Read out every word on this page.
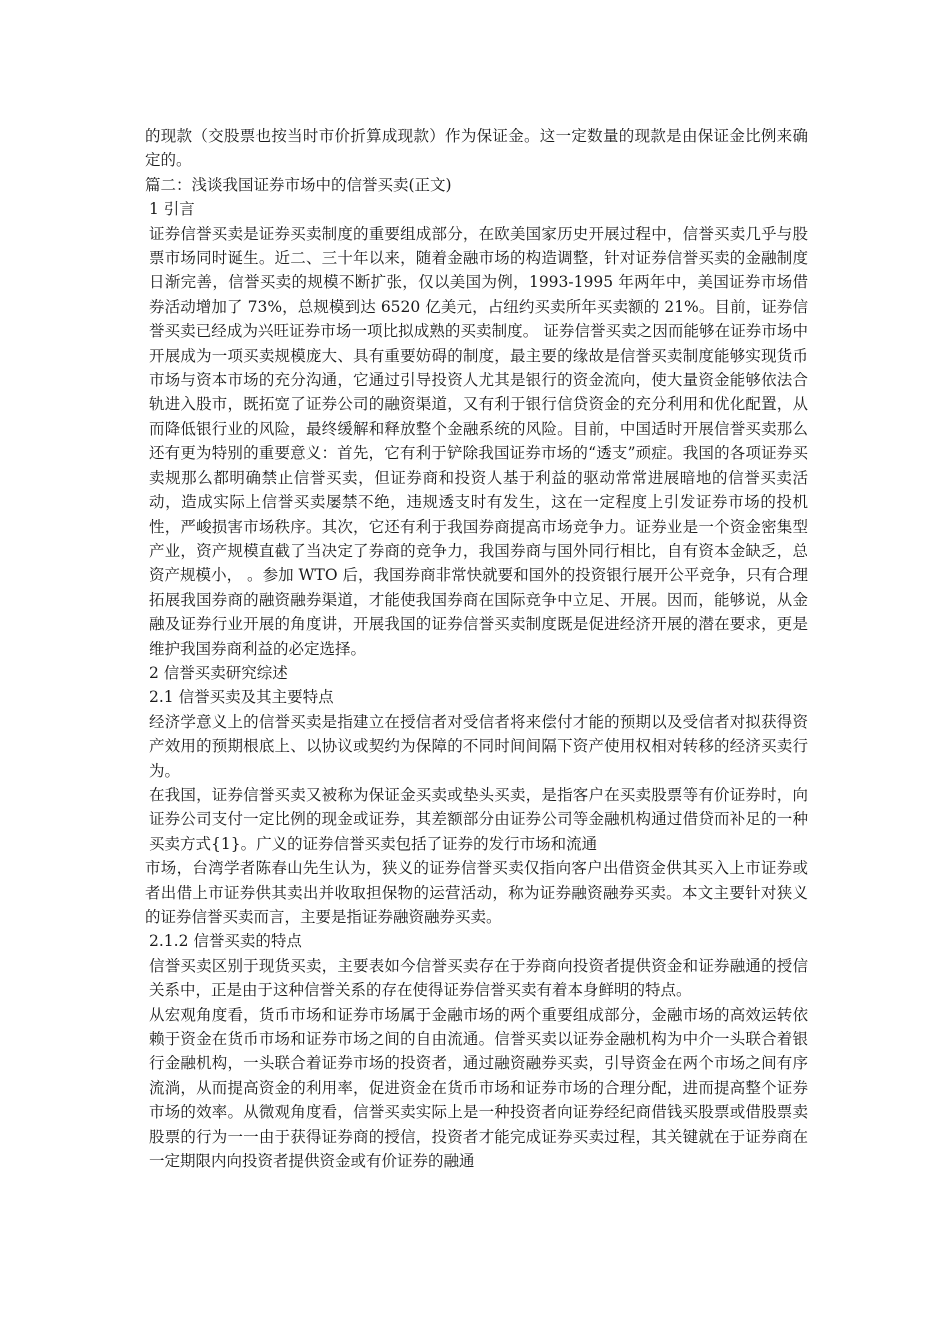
的现款（交股票也按当时市价折算成现款）作为保证金。这一定数量的现款是由保证金比例来确定的。

篇二：浅谈我国证券市场中的信誉买卖(正文)

1 引言

证券信誉买卖是证券买卖制度的重要组成部分，在欧美国家历史开展过程中，信誉买卖几乎与股票市场同时诞生。近二、三十年以来，随着金融市场的构造调整，针对证券信誉买卖的金融制度日渐完善，信誉买卖的规模不断扩张，仅以美国为例，1993-1995 年两年中，美国证券市场借券活动增加了 73%，总规模到达 6520 亿美元，占纽约买卖所年买卖额的 21%。目前，证券信誉买卖已经成为兴旺证券市场一项比拟成熟的买卖制度。 证券信誉买卖之因而能够在证券市场中开展成为一项买卖规模庞大、具有重要妨碍的制度，最主要的缘故是信誉买卖制度能够实现货币市场与资本市场的充分沟通，它通过引导投资人尤其是银行的资金流向，使大量资金能够依法合轨进入股市，既拓宽了证券公司的融资渠道，又有利于银行信贷资金的充分利用和优化配置，从而降低银行业的风险，最终缓解和释放整个金融系统的风险。目前，中国适时开展信誉买卖那么还有更为特别的重要意义：首先，它有利于铲除我国证券市场的“透支”顽症。我国的各项证券买卖规那么都明确禁止信誉买卖，但证券商和投资人基于利益的驱动常常进展暗地的信誉买卖活动，造成实际上信誉买卖屡禁不绝，违规透支时有发生，这在一定程度上引发证券市场的投机性，严峻损害市场秩序。其次，它还有利于我国券商提高市场竞争力。证券业是一个资金密集型产业，资产规模直截了当决定了券商的竞争力，我国券商与国外同行相比，自有资本金缺乏，总资产规模小， 。参加 WTO 后，我国券商非常快就要和国外的投资银行展开公平竞争，只有合理拓展我国券商的融资融券渠道，才能使我国券商在国际竞争中立足、开展。因而，能够说，从金融及证券行业开展的角度讲，开展我国的证券信誉买卖制度既是促进经济开展的潜在要求，更是维护我国券商利益的必定选择。

2 信誉买卖研究综述

2.1 信誉买卖及其主要特点

经济学意义上的信誉买卖是指建立在授信者对受信者将来偿付才能的预期以及受信者对拟获得资产效用的预期根底上、以协议或契约为保障的不同时间间隔下资产使用权相对转移的经济买卖行为。

在我国，证券信誉买卖又被称为保证金买卖或垫头买卖，是指客户在买卖股票等有价证券时，向证券公司支付一定比例的现金或证券，其差额部分由证券公司等金融机构通过借贷而补足的一种买卖方式{1}。广义的证券信誉买卖包括了证券的发行市场和流通

市场，台湾学者陈春山先生认为，狭义的证券信誉买卖仅指向客户出借资金供其买入上市证券或者出借上市证券供其卖出并收取担保物的运营活动，称为证券融资融券买卖。本文主要针对狭义的证券信誉买卖而言，主要是指证券融资融券买卖。

2.1.2 信誉买卖的特点

信誉买卖区别于现货买卖，主要表如今信誉买卖存在于券商向投资者提供资金和证券融通的授信关系中，正是由于这种信誉关系的存在使得证券信誉买卖有着本身鲜明的特点。

从宏观角度看，货币市场和证券市场属于金融市场的两个重要组成部分，金融市场的高效运转依赖于资金在货币市场和证券市场之间的自由流通。信誉买卖以证券金融机构为中介一头联合着银行金融机构，一头联合着证券市场的投资者，通过融资融券买卖，引导资金在两个市场之间有序流淌，从而提高资金的利用率，促进资金在货币市场和证券市场的合理分配，进而提高整个证券市场的效率。从微观角度看，信誉买卖实际上是一种投资者向证券经纪商借钱买股票或借股票卖股票的行为一一由于获得证券商的授信，投资者才能完成证券买卖过程，其关键就在于证券商在一定期限内向投资者提供资金或有价证券的融通
